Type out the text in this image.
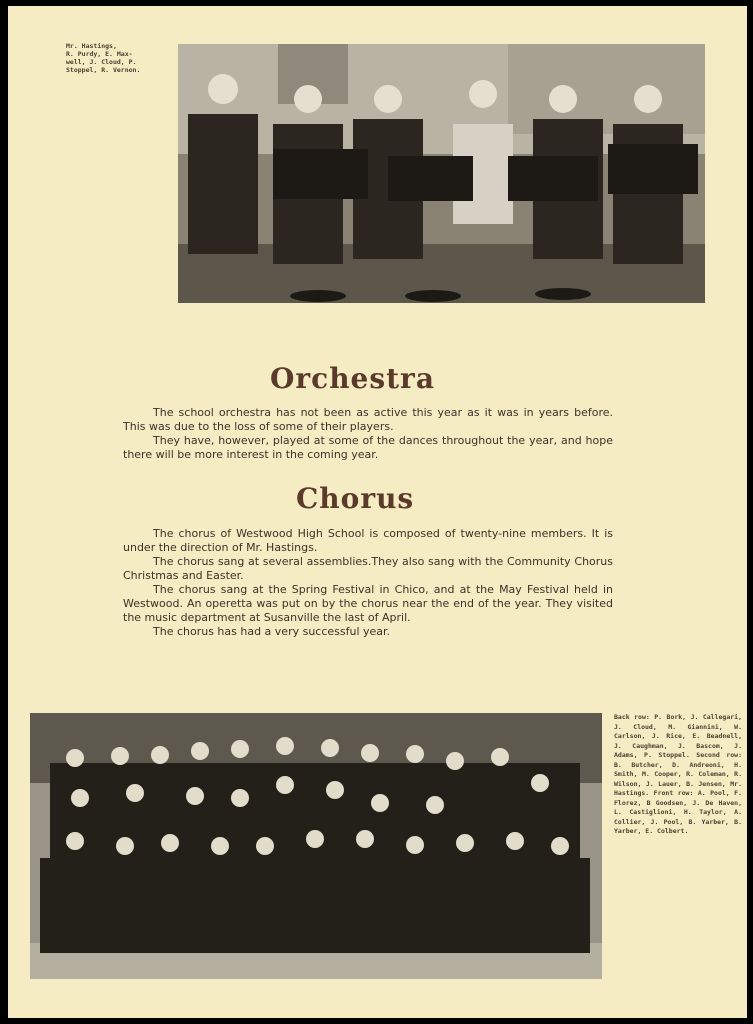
Mr. Hastings,
R. Purdy, E. Max-
well, J. Cloud, P.
Stoppel, R. Vernon.
Orchestra

The school orchestra has not been as active this year as it was in years before. This was due to the loss of some of their players.

They have, however, played at some of the dances throughout the year, and hope there will be more interest in the coming year.

Chorus

The chorus of Westwood High School is composed of twenty-nine members. It is under the direction of Mr. Hastings.

The chorus sang at several assemblies.They also sang with the Community Chorus Christmas and Easter.

The chorus sang at the Spring Festival in Chico, and at the May Festival held in Westwood. An operetta was put on by the chorus near the end of the year. They visited the music department at Susanville the last of April.

The chorus has had a very successful year.

Back row: P. Bork, J. Callegari, J. Cloud, M. Giannini, W. Carlson, J. Rice, E. Beadnell, J. Caughman, J. Bascom, J. Adams, P. Stoppel. Second row: B. Butcher, D. Andreoni, H. Smith, M. Cooper, R. Coleman, R. Wilson, J. Lauer, B. Jensen, Mr. Hastings. Front row: A. Pool, F. Florez, B Goodsen, J. De Haven, L. Castiglioni, H. Taylor, A. Collier, J. Pool, B. Yarber, B. Yarber, E. Colbert.
